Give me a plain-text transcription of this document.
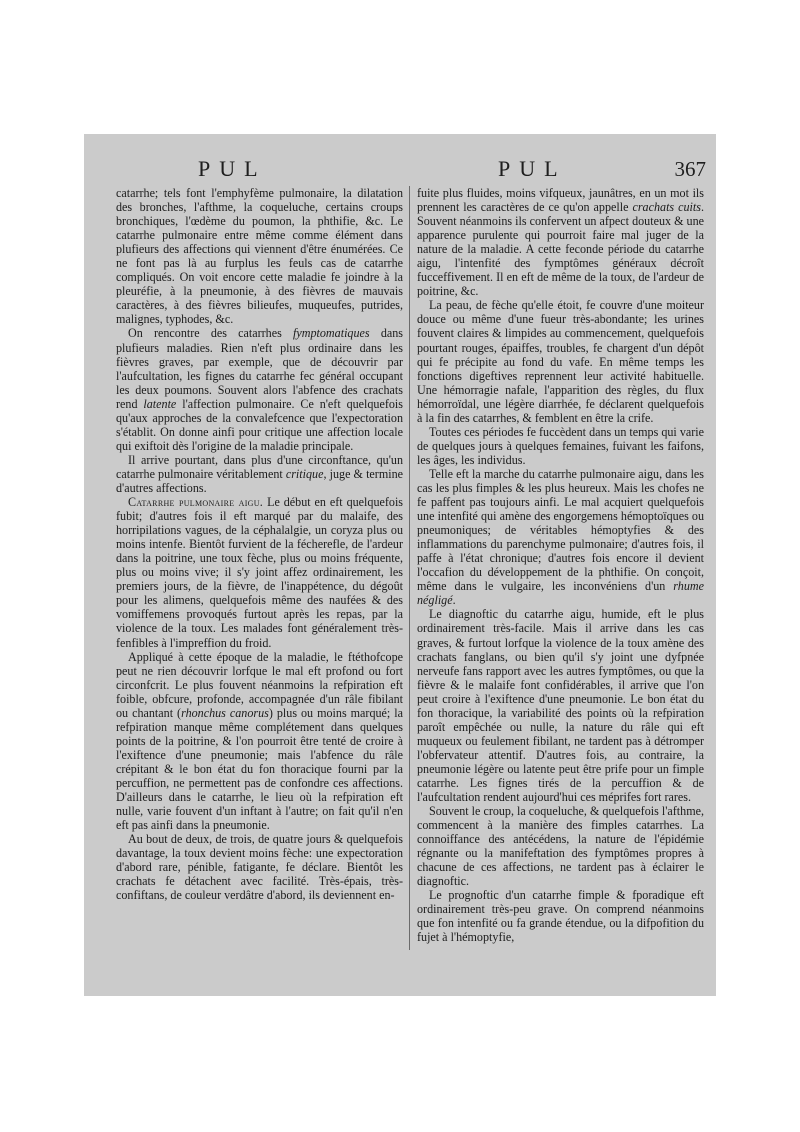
PUL	PUL	367

catarrhe; tels font l'emphyfème pulmonaire, la dilatation des bronches, l'afthme, la coqueluche, certains croups bronchiques, l'œdème du poumon, la phthifie, &c. Le catarrhe pulmonaire entre même comme élément dans plufieurs des affections qui viennent d'être énumérées. Ce ne font pas là au furplus les feuls cas de catarrhe compliqués. On voit encore cette maladie fe joindre à la pleuréfie, à la pneumonie, à des fièvres de mauvais caractères, à des fièvres bilieufes, muqueufes, putrides, malignes, typhodes, &c.

On rencontre des catarrhes fymptomatiques dans plufieurs maladies. Rien n'eft plus ordinaire dans les fièvres graves, par exemple, que de découvrir par l'aufcultation, les fignes du catarrhe fec général occupant les deux poumons. Souvent alors l'abfence des crachats rend latente l'affection pulmonaire. Ce n'eft quelquefois qu'aux approches de la convalefcence que l'expectoration s'établit. On donne ainfi pour critique une affection locale qui exiftoit dès l'origine de la maladie principale.

Il arrive pourtant, dans plus d'une circonftance, qu'un catarrhe pulmonaire véritablement critique, juge & termine d'autres affections.

Catarrhe pulmonaire aigu. Le début en eft quelquefois fubit; d'autres fois il eft marqué par du malaife, des horripilations vagues, de la céphalalgie, un coryza plus ou moins intenfe. Bientôt furvient de la fécherefle, de l'ardeur dans la poitrine, une toux fèche, plus ou moins fréquente, plus ou moins vive; il s'y joint affez ordinairement, les premiers jours, de la fièvre, de l'inappétence, du dégoût pour les alimens, quelquefois même des naufées & des vomiffemens provoqués furtout après les repas, par la violence de la toux. Les malades font généralement très-fenfibles à l'impreffion du froid.

Appliqué à cette époque de la maladie, le ftéthofcope peut ne rien découvrir lorfque le mal eft profond ou fort circonfcrit. Le plus fouvent néanmoins la refpiration eft foible, obfcure, profonde, accompagnée d'un râle fibilant ou chantant (rhonchus canorus) plus ou moins marqué; la refpiration manque même complétement dans quelques points de la poitrine, & l'on pourroit être tenté de croire à l'exiftence d'une pneumonie; mais l'abfence du râle crépitant & le bon état du fon thoracique fourni par la percuffion, ne permettent pas de confondre ces affections. D'ailleurs dans le catarrhe, le lieu où la refpiration eft nulle, varie fouvent d'un inftant à l'autre; on fait qu'il n'en eft pas ainfi dans la pneumonie.

Au bout de deux, de trois, de quatre jours & quelquefois davantage, la toux devient moins fèche: une expectoration d'abord rare, pénible, fatigante, fe déclare. Bientôt les crachats fe détachent avec facilité. Très-épais, très-confiftans, de couleur verdâtre d'abord, ils deviennent en-

fuite plus fluides, moins vifqueux, jaunâtres, en un mot ils prennent les caractères de ce qu'on appelle crachats cuits. Souvent néanmoins ils confervent un afpect douteux & une apparence purulente qui pourroit faire mal juger de la nature de la maladie. A cette feconde période du catarrhe aigu, l'intenfité des fymptômes généraux décroît fucceffivement. Il en eft de même de la toux, de l'ardeur de poitrine, &c.

La peau, de fèche qu'elle étoit, fe couvre d'une moiteur douce ou même d'une fueur très-abondante; les urines fouvent claires & limpides au commencement, quelquefois pourtant rouges, épaiffes, troubles, fe chargent d'un dépôt qui fe précipite au fond du vafe. En même temps les fonctions digeftives reprennent leur activité habituelle. Une hémorragie nafale, l'apparition des règles, du flux hémorroïdal, une légère diarrhée, fe déclarent quelquefois à la fin des catarrhes, & femblent en être la crife.

Toutes ces périodes fe fuccèdent dans un temps qui varie de quelques jours à quelques femaines, fuivant les faifons, les âges, les individus.

Telle eft la marche du catarrhe pulmonaire aigu, dans les cas les plus fimples & les plus heureux. Mais les chofes ne fe paffent pas toujours ainfi. Le mal acquiert quelquefois une intenfité qui amène des engorgemens hémoptoïques ou pneumoniques; de véritables hémoptyfies & des inflammations du parenchyme pulmonaire; d'autres fois, il paffe à l'état chronique; d'autres fois encore il devient l'occafion du développement de la phthifie. On conçoit, même dans le vulgaire, les inconvéniens d'un rhume négligé.

Le diagnoftic du catarrhe aigu, humide, eft le plus ordinairement très-facile. Mais il arrive dans les cas graves, & furtout lorfque la violence de la toux amène des crachats fanglans, ou bien qu'il s'y joint une dyfpnée nerveufe fans rapport avec les autres fymptômes, ou que la fièvre & le malaife font confidérables, il arrive que l'on peut croire à l'exiftence d'une pneumonie. Le bon état du fon thoracique, la variabilité des points où la refpiration paroît empêchée ou nulle, la nature du râle qui eft muqueux ou feulement fibilant, ne tardent pas à détromper l'obfervateur attentif. D'autres fois, au contraire, la pneumonie légère ou latente peut être prife pour un fimple catarrhe. Les fignes tirés de la percuffion & de l'aufcultation rendent aujourd'hui ces méprifes fort rares.

Souvent le croup, la coqueluche, & quelquefois l'afthme, commencent à la manière des fimples catarrhes. La connoiffance des antécédens, la nature de l'épidémie régnante ou la manifeftation des fymptômes propres à chacune de ces affections, ne tardent pas à éclairer le diagnoftic.

Le prognoftic d'un catarrhe fimple & fporadique eft ordinairement très-peu grave. On comprend néanmoins que fon intenfité ou fa grande étendue, ou la difpofition du fujet à l'hémoptyfie,
